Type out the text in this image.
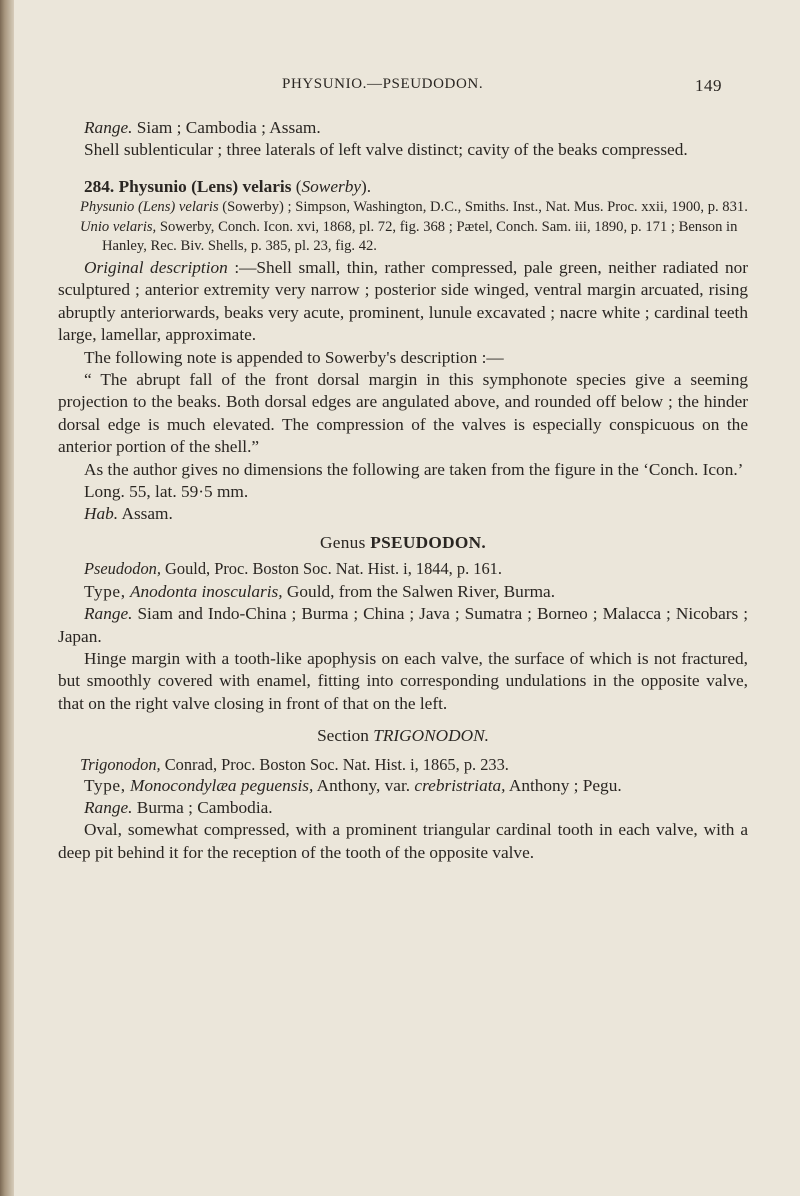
PHYSUNIO.—PSEUDODON.	149

Range. Siam ; Cambodia ; Assam.

Shell sublenticular ; three laterals of left valve distinct; cavity of the beaks compressed.

284. Physunio (Lens) velaris (Sowerby).

Physunio (Lens) velaris (Sowerby) ; Simpson, Washington, D.C., Smiths. Inst., Nat. Mus. Proc. xxii, 1900, p. 831.

Unio velaris, Sowerby, Conch. Icon. xvi, 1868, pl. 72, fig. 368 ; Pætel, Conch. Sam. iii, 1890, p. 171 ; Benson in Hanley, Rec. Biv. Shells, p. 385, pl. 23, fig. 42.

Original description :—Shell small, thin, rather compressed, pale green, neither radiated nor sculptured ; anterior extremity very narrow ; posterior side winged, ventral margin arcuated, rising abruptly anteriorwards, beaks very acute, prominent, lunule excavated ; nacre white ; cardinal teeth large, lamellar, approximate.

The following note is appended to Sowerby's description :—

“ The abrupt fall of the front dorsal margin in this symphonote species give a seeming projection to the beaks. Both dorsal edges are angulated above, and rounded off below ; the hinder dorsal edge is much elevated. The compression of the valves is especially conspicuous on the anterior portion of the shell.”

As the author gives no dimensions the following are taken from the figure in the ‘Conch. Icon.’

Long. 55, lat. 59·5 mm.

Hab. Assam.

Genus PSEUDODON.

Pseudodon, Gould, Proc. Boston Soc. Nat. Hist. i, 1844, p. 161.

Type, Anodonta inoscularis, Gould, from the Salwen River, Burma.

Range. Siam and Indo-China ; Burma ; China ; Java ; Sumatra ; Borneo ; Malacca ; Nicobars ; Japan.

Hinge margin with a tooth-like apophysis on each valve, the surface of which is not fractured, but smoothly covered with enamel, fitting into corresponding undulations in the opposite valve, that on the right valve closing in front of that on the left.

Section TRIGONODON.

Trigonodon, Conrad, Proc. Boston Soc. Nat. Hist. i, 1865, p. 233.

Type, Monocondylæa peguensis, Anthony, var. crebristriata, Anthony ; Pegu.

Range. Burma ; Cambodia.

Oval, somewhat compressed, with a prominent triangular cardinal tooth in each valve, with a deep pit behind it for the reception of the tooth of the opposite valve.
